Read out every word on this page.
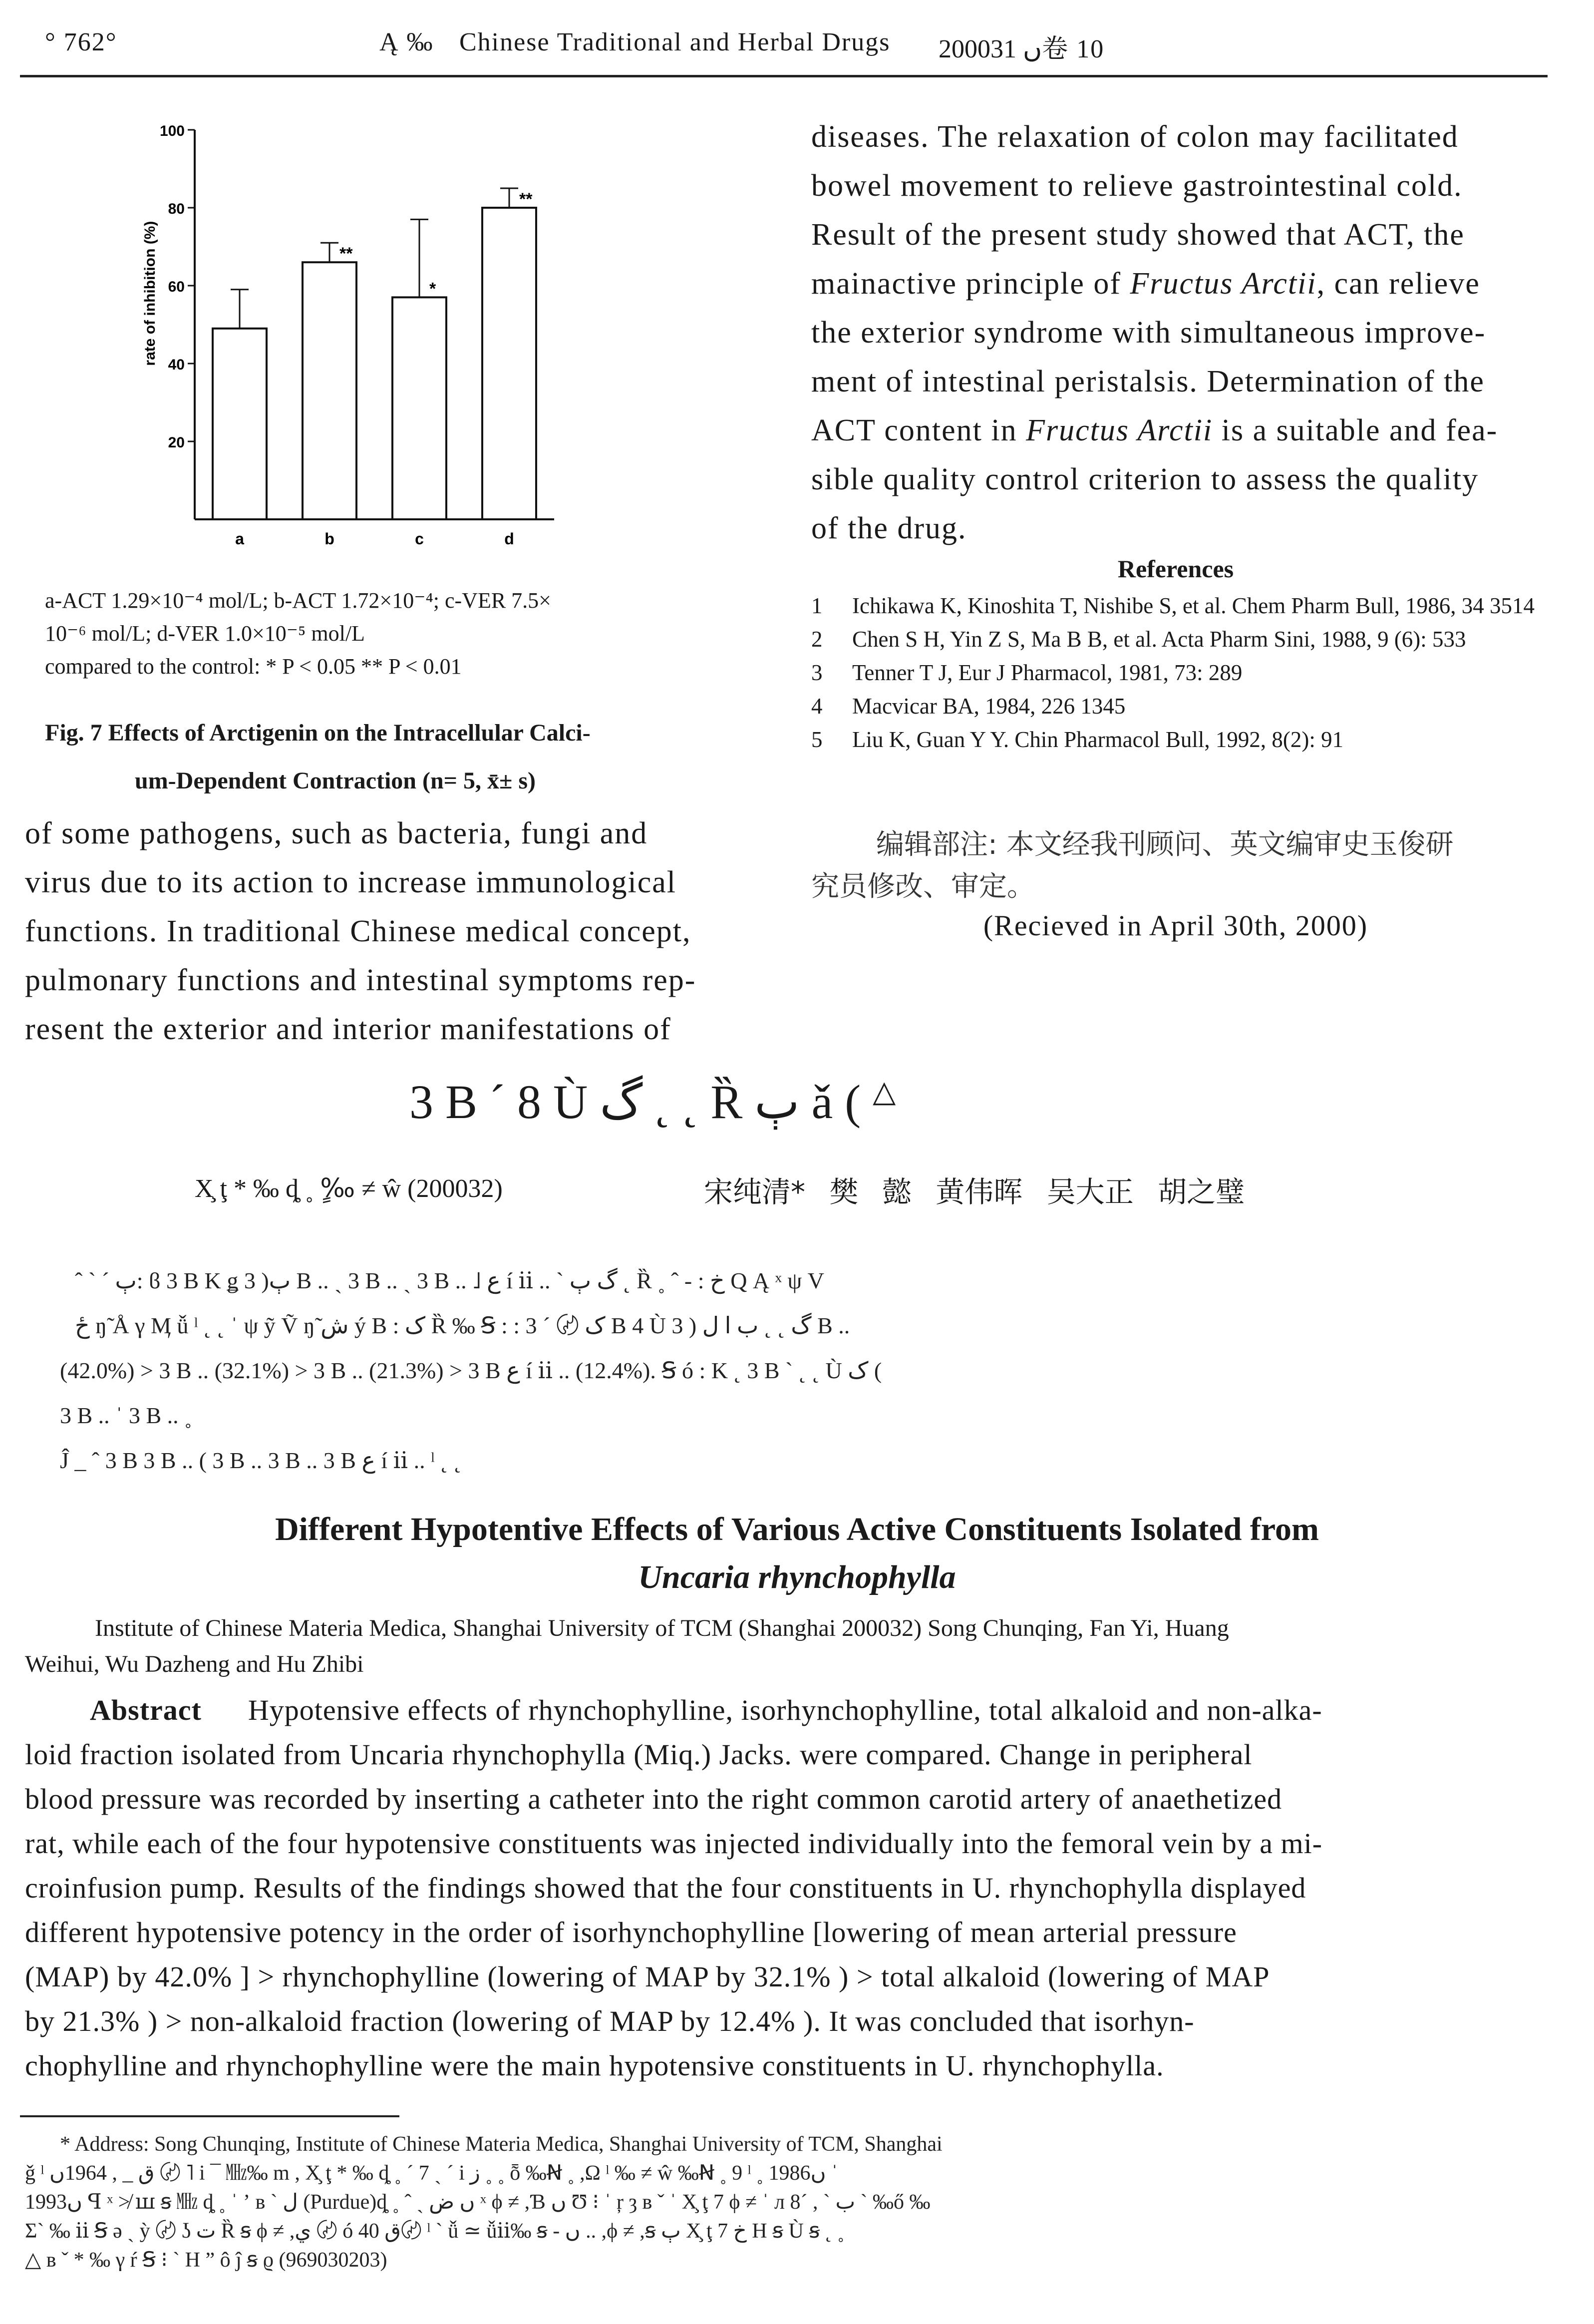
° 762°	Ą ‰ Chinese Traditional and Herbal Drugs 2000ں 31卷 10
20
40
60
80
100
rate of inhibition (%)
a
**
b
*
c
**
d
a-ACT 1.29×10⁻⁴ mol/L; b-ACT 1.72×10⁻⁴; c-VER 7.5×
10⁻⁶ mol/L; d-VER 1.0×10⁻⁵ mol/L
compared to the control: * P < 0.05 ** P < 0.01
Fig. 7 Effects of Arctigenin on the Intracellular Calci-
um-Dependent Contraction (n= 5, x̄± s)

of some pathogens, such as bacteria, fungi and

virus due to its action to increase immunological

functions. In traditional Chinese medical concept,

pulmonary functions and intestinal symptoms rep-

resent the exterior and interior manifestations of

diseases. The relaxation of colon may facilitated

bowel movement to relieve gastrointestinal cold.

Result of the present study showed that ACT, the

mainactive principle of Fructus Arctii, can relieve

the exterior syndrome with simultaneous improve-

ment of intestinal peristalsis. Determination of the

ACT content in Fructus Arctii is a suitable and fea-

sible quality control criterion to assess the quality

of the drug.

References
1	Ichikawa K, Kinoshita T, Nishibe S, et al. Chem Pharm Bull, 1986, 34 3514
2	Chen S H, Yin Z S, Ma B B, et al. Acta Pharm Sini, 1988, 9 (6): 533
3	Tenner T J, Eur J Pharmacol, 1981, 73: 289
4	Macvicar BA, 1984, 226 1345
5	Liu K, Guan Y Y. Chin Pharmacol Bull, 1992, 8(2): 91
编辑部注: 本文经我刊顾问、英文编审史玉俊研
究员修改、审定。
(Recieved in April 30th, 2000)
3 B ´ 8 Ù گ ˛ ˛ Ȑ ٻ ǎ ( △
X̧ ţ * ‰ ȡ ˳ ‰ٍ ≠ ŵ (200032)	宋纯清* 樊 懿 黄伟晖 吴大正 胡之璧
ˆ ˋ ˊ ٻ: ϐ 3 B K ǥ ٻ( 3 B .. ˎ 3 B .. ˎ 3 B .. ˩ ع í ⅱ .. ˋ گ ٻ ˛ Ȑ ˳ ˆ ‐ : خ Q Ą ˣ ψ V
ځ ŋ̃ Å γ Ӎ ǚ ˡ ˛ ˛ ˈ ψ ỹ Ṽ ŋ̃ ش ý B : ک Ȑ ‰ Ꞩ : : ک 〄 ´ 3 B 4 Ù گ ˛ ˛ ب ا ل ( 3 B ..
(42.0%) > 3 B .. (32.1%) > 3 B .. (21.3%) > 3 B ع í ⅱ .. (12.4%). Ꞩ ó : K ˛ 3 B ˋ ˛ ˛ Ù ک (
3 B .. ˈ 3 B .. ˳
Ĵ _ ˆ 3 B 3 B .. ( 3 B .. 3 B .. 3 B ع í ⅱ .. ˡ ˛ ˛
Different Hypotentive Effects of Various Active Constituents Isolated from
Uncaria rhynchophylla
Institute of Chinese Materia Medica, Shanghai University of TCM (Shanghai 200032) Song Chunqing, Fan Yi, Huang
Weihui, Wu Dazheng and Hu Zhibi
Abstract Hypotensive effects of rhynchophylline, isorhynchophylline, total alkaloid and non-alka-
loid fraction isolated from Uncaria rhynchophylla (Miq.) Jacks. were compared. Change in peripheral
blood pressure was recorded by inserting a catheter into the right common carotid artery of anaethetized
rat, while each of the four hypotensive constituents was injected individually into the femoral vein by a mi-
croinfusion pump. Results of the findings showed that the four constituents in U. rhynchophylla displayed
different hypotensive potency in the order of isorhynchophylline [lowering of mean arterial pressure
(MAP) by 42.0% ] > rhynchophylline (lowering of MAP by 32.1% ) > total alkaloid (lowering of MAP
by 21.3% ) > non-alkaloid fraction (lowering of MAP by 12.4% ). It was concluded that isorhyn-
chophylline and rhynchophylline were the main hypotensive constituents in U. rhynchophylla.
* Address: Song Chunqing, Institute of Chinese Materia Medica, Shanghai University of TCM, Shanghai
ǧ ˡ ق _ , 1964ں 〄 ˥ i ¯ ㎒‰ m , X̧ ţ * ‰ ȡ ˳ ´ 7 ˎ ´ i ز ˳ ˳ ȭ ‰Ꞥ ˳ ,Ω ˡ ‰ ≠ ŵ ‰Ꞥ ˳ 9 ˡ ˳ 1986ں ˈ
1993ں ꟼ ˣ ≯ ꟺ ꞩ ㎒ ȡ ˳ ˈ ʼ ʙ ˋ ل (Purdue)ȡ ˳ ˆ ˎ ں ض ˣ ϕ ≠ ,Ɓ ں Ʊ ⁝ ˈ ŗ ȝ ʙ ˇ ˈ X̧ ţ 7 ϕ ≠ ˈ л 8ˊ , ˋ ب ˋ ‰ő ‰
Σˋ ‰ ⅱ Ꞩ ə ˎ ỳ 〄 ʖ ت Ȑ ꞩ ϕ ≠ ,ي 〄 ó ق 40〄 ˡ ˋ ǚ ≃ ǚⅱ‰ ꞩ - ں .. ,ϕ ≠ ,ꞩ ٻ X̧ ţ 7 خ H ꞩ Ù ꞩ ˛ ˳
△ ʙ ˇ * ‰ γ ŕ Ꞩ ⁝ ˋ H ˮ ô ĵ ꞩ ϱ (969030203)
